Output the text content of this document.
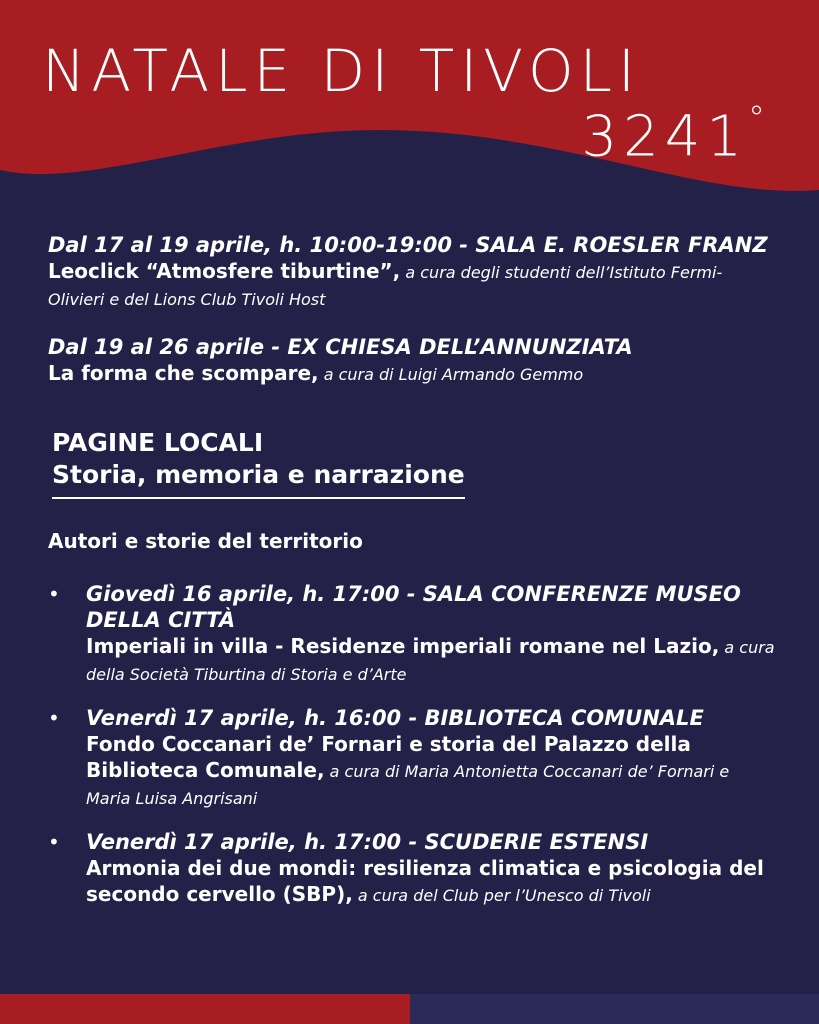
NATALE DI TIVOLI
3241°
Dal 17 al 19 aprile, h. 10:00-19:00 - SALA E. ROESLER FRANZ
Leoclick “Atmosfere tiburtine”, a cura degli studenti dell’Istituto Fermi-Olivieri e del Lions Club Tivoli Host
Dal 19 al 26 aprile - EX CHIESA DELL’ANNUNZIATA
La forma che scompare, a cura di Luigi Armando Gemmo
PAGINE LOCALI
Storia, memoria e narrazione
Autori e storie del territorio
• Giovedì 16 aprile, h. 17:00 - SALA CONFERENZE MUSEO DELLA CITTÀ
Imperiali in villa - Residenze imperiali romane nel Lazio, a cura della Società Tiburtina di Storia e d’Arte
• Venerdì 17 aprile, h. 16:00 - BIBLIOTECA COMUNALE
Fondo Coccanari de’ Fornari e storia del Palazzo della Biblioteca Comunale, a cura di Maria Antonietta Coccanari de’ Fornari e Maria Luisa Angrisani
• Venerdì 17 aprile, h. 17:00 - SCUDERIE ESTENSI
Armonia dei due mondi: resilienza climatica e psicologia del secondo cervello (SBP), a cura del Club per l’Unesco di Tivoli
